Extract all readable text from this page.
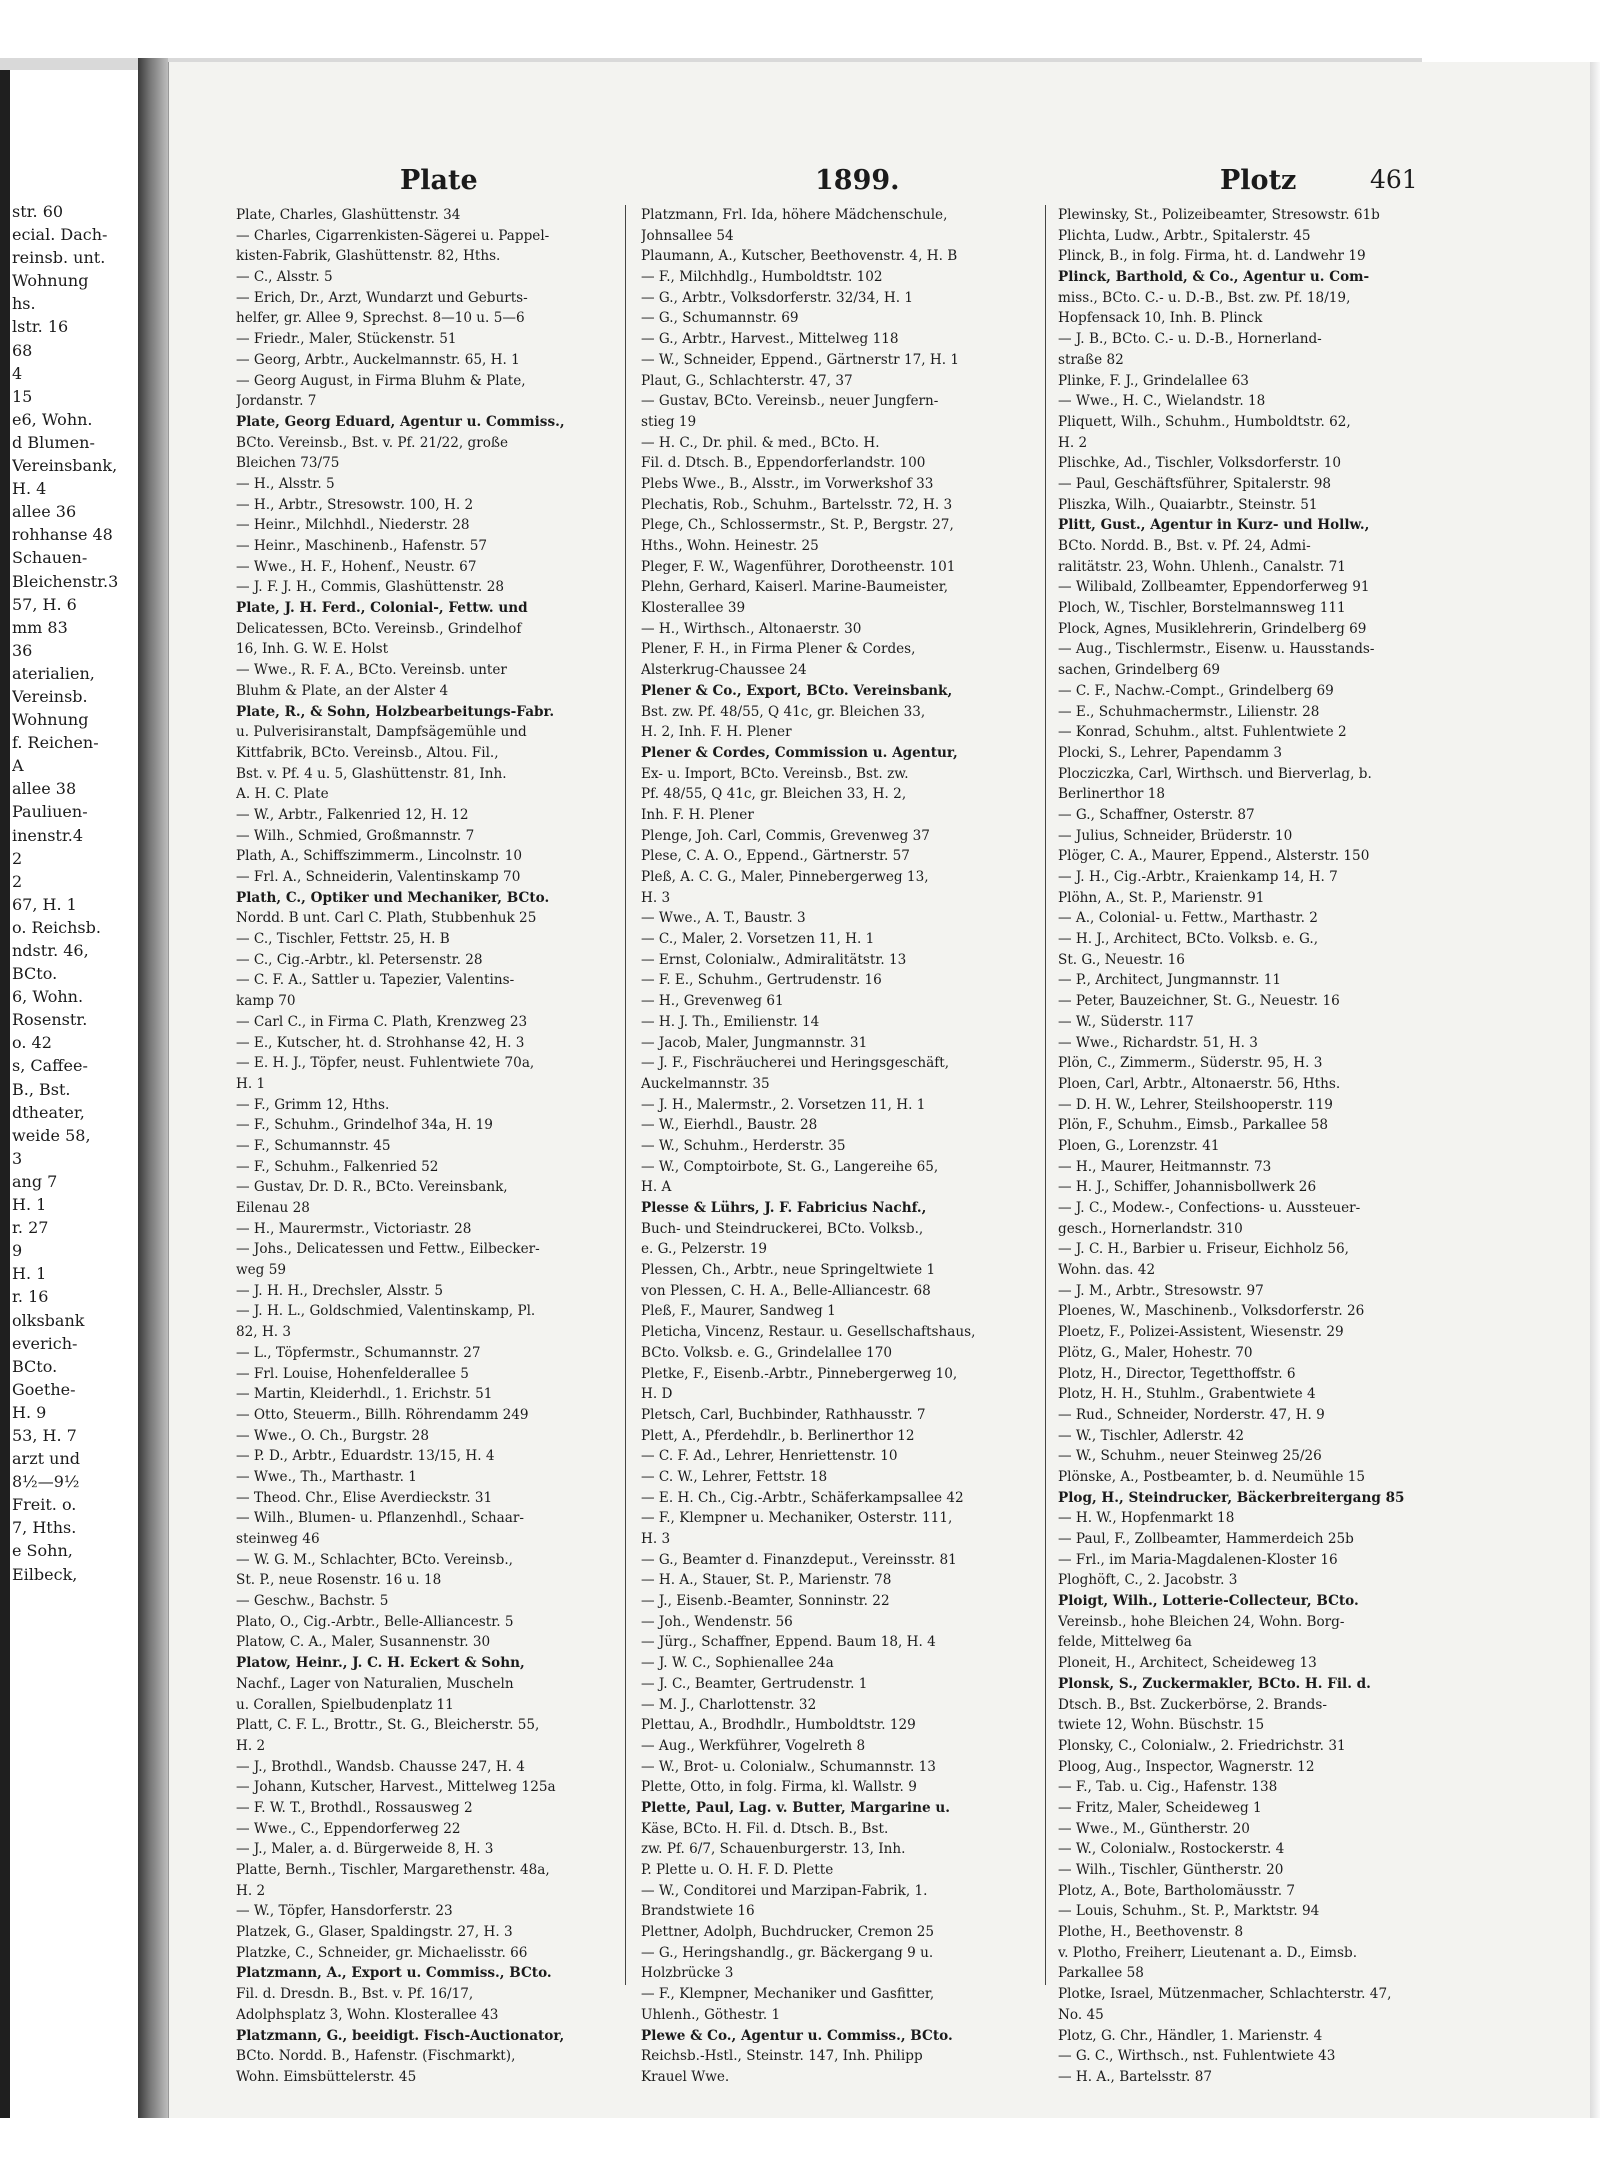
str. 60
ecial. Dach-
reinsb. unt.
Wohnung
hs.
lstr. 16
68
4
15
e6, Wohn.
d Blumen-
Vereinsbank,
H. 4
allee 36
rohhanse 48
Schauen-
Bleichenstr.3
57, H. 6
mm 83
36
aterialien,
Vereinsb.
Wohnung
f. Reichen-
A
allee 38
Pauliuen-
inenstr.4
2
2
67, H. 1
o. Reichsb.
ndstr. 46,
BCto.
6, Wohn.
Rosenstr.
o. 42
s, Caffee-
B., Bst.
dtheater,
weide 58,
3
ang 7
H. 1
r. 27
9
H. 1
r. 16
olksbank
everich-
BCto.
Goethe-
H. 9
53, H. 7
arzt und
8½—9½
Freit. o.
7, Hths.
e Sohn,
Eilbeck,
Plate	1899.	Plotz	461
Plate, Charles, Glashüttenstr. 34
— Charles, Cigarrenkisten-Sägerei u. Pappel-
kisten-Fabrik, Glashüttenstr. 82, Hths.
— C., Alsstr. 5
— Erich, Dr., Arzt, Wundarzt und Geburts-
helfer, gr. Allee 9, Sprechst. 8—10 u. 5—6
— Friedr., Maler, Stückenstr. 51
— Georg, Arbtr., Auckelmannstr. 65, H. 1
— Georg August, in Firma Bluhm & Plate,
Jordanstr. 7
Plate, Georg Eduard, Agentur u. Commiss.,
BCto. Vereinsb., Bst. v. Pf. 21/22, große
Bleichen 73/75
— H., Alsstr. 5
— H., Arbtr., Stresowstr. 100, H. 2
— Heinr., Milchhdl., Niederstr. 28
— Heinr., Maschinenb., Hafenstr. 57
— Wwe., H. F., Hohenf., Neustr. 67
— J. F. J. H., Commis, Glashüttenstr. 28
Plate, J. H. Ferd., Colonial-, Fettw. und
Delicatessen, BCto. Vereinsb., Grindelhof
16, Inh. G. W. E. Holst
— Wwe., R. F. A., BCto. Vereinsb. unter
Bluhm & Plate, an der Alster 4
Plate, R., & Sohn, Holzbearbeitungs-Fabr.
u. Pulverisiranstalt, Dampfsägemühle und
Kittfabrik, BCto. Vereinsb., Altou. Fil.,
Bst. v. Pf. 4 u. 5, Glashüttenstr. 81, Inh.
A. H. C. Plate
— W., Arbtr., Falkenried 12, H. 12
— Wilh., Schmied, Großmannstr. 7
Plath, A., Schiffszimmerm., Lincolnstr. 10
— Frl. A., Schneiderin, Valentinskamp 70
Plath, C., Optiker und Mechaniker, BCto.
Nordd. B unt. Carl C. Plath, Stubbenhuk 25
— C., Tischler, Fettstr. 25, H. B
— C., Cig.-Arbtr., kl. Petersenstr. 28
— C. F. A., Sattler u. Tapezier, Valentins-
kamp 70
— Carl C., in Firma C. Plath, Krenzweg 23
— E., Kutscher, ht. d. Strohhanse 42, H. 3
— E. H. J., Töpfer, neust. Fuhlentwiete 70a,
H. 1
— F., Grimm 12, Hths.
— F., Schuhm., Grindelhof 34a, H. 19
— F., Schumannstr. 45
— F., Schuhm., Falkenried 52
— Gustav, Dr. D. R., BCto. Vereinsbank,
Eilenau 28
— H., Maurermstr., Victoriastr. 28
— Johs., Delicatessen und Fettw., Eilbecker-
weg 59
— J. H. H., Drechsler, Alsstr. 5
— J. H. L., Goldschmied, Valentinskamp, Pl.
82, H. 3
— L., Töpfermstr., Schumannstr. 27
— Frl. Louise, Hohenfelderallee 5
— Martin, Kleiderhdl., 1. Erichstr. 51
— Otto, Steuerm., Billh. Röhrendamm 249
— Wwe., O. Ch., Burgstr. 28
— P. D., Arbtr., Eduardstr. 13/15, H. 4
— Wwe., Th., Marthastr. 1
— Theod. Chr., Elise Averdieckstr. 31
— Wilh., Blumen- u. Pflanzenhdl., Schaar-
steinweg 46
— W. G. M., Schlachter, BCto. Vereinsb.,
St. P., neue Rosenstr. 16 u. 18
— Geschw., Bachstr. 5
Plato, O., Cig.-Arbtr., Belle-Alliancestr. 5
Platow, C. A., Maler, Susannenstr. 30
Platow, Heinr., J. C. H. Eckert & Sohn,
Nachf., Lager von Naturalien, Muscheln
u. Corallen, Spielbudenplatz 11
Platt, C. F. L., Brottr., St. G., Bleicherstr. 55,
H. 2
— J., Brothdl., Wandsb. Chausse 247, H. 4
— Johann, Kutscher, Harvest., Mittelweg 125a
— F. W. T., Brothdl., Rossausweg 2
— Wwe., C., Eppendorferweg 22
— J., Maler, a. d. Bürgerweide 8, H. 3
Platte, Bernh., Tischler, Margarethenstr. 48a,
H. 2
— W., Töpfer, Hansdorferstr. 23
Platzek, G., Glaser, Spaldingstr. 27, H. 3
Platzke, C., Schneider, gr. Michaelisstr. 66
Platzmann, A., Export u. Commiss., BCto.
Fil. d. Dresdn. B., Bst. v. Pf. 16/17,
Adolphsplatz 3, Wohn. Klosterallee 43
Platzmann, G., beeidigt. Fisch-Auctionator,
BCto. Nordd. B., Hafenstr. (Fischmarkt),
Wohn. Eimsbüttelerstr. 45
Platzmann, Frl. Ida, höhere Mädchenschule,
Johnsallee 54
Plaumann, A., Kutscher, Beethovenstr. 4, H. B
— F., Milchhdlg., Humboldtstr. 102
— G., Arbtr., Volksdorferstr. 32/34, H. 1
— G., Schumannstr. 69
— G., Arbtr., Harvest., Mittelweg 118
— W., Schneider, Eppend., Gärtnerstr 17, H. 1
Plaut, G., Schlachterstr. 47, 37
— Gustav, BCto. Vereinsb., neuer Jungfern-
stieg 19
— H. C., Dr. phil. & med., BCto. H.
Fil. d. Dtsch. B., Eppendorferlandstr. 100
Plebs Wwe., B., Alsstr., im Vorwerkshof 33
Plechatis, Rob., Schuhm., Bartelsstr. 72, H. 3
Plege, Ch., Schlossermstr., St. P., Bergstr. 27,
Hths., Wohn. Heinestr. 25
Pleger, F. W., Wagenführer, Dorotheenstr. 101
Plehn, Gerhard, Kaiserl. Marine-Baumeister,
Klosterallee 39
— H., Wirthsch., Altonaerstr. 30
Plener, F. H., in Firma Plener & Cordes,
Alsterkrug-Chaussee 24
Plener & Co., Export, BCto. Vereinsbank,
Bst. zw. Pf. 48/55, Q 41c, gr. Bleichen 33,
H. 2, Inh. F. H. Plener
Plener & Cordes, Commission u. Agentur,
Ex- u. Import, BCto. Vereinsb., Bst. zw.
Pf. 48/55, Q 41c, gr. Bleichen 33, H. 2,
Inh. F. H. Plener
Plenge, Joh. Carl, Commis, Grevenweg 37
Plese, C. A. O., Eppend., Gärtnerstr. 57
Pleß, A. C. G., Maler, Pinnebergerweg 13,
H. 3
— Wwe., A. T., Baustr. 3
— C., Maler, 2. Vorsetzen 11, H. 1
— Ernst, Colonialw., Admiralitätstr. 13
— F. E., Schuhm., Gertrudenstr. 16
— H., Grevenweg 61
— H. J. Th., Emilienstr. 14
— Jacob, Maler, Jungmannstr. 31
— J. F., Fischräucherei und Heringsgeschäft,
Auckelmannstr. 35
— J. H., Malermstr., 2. Vorsetzen 11, H. 1
— W., Eierhdl., Baustr. 28
— W., Schuhm., Herderstr. 35
— W., Comptoirbote, St. G., Langereihe 65,
H. A
Plesse & Lührs, J. F. Fabricius Nachf.,
Buch- und Steindruckerei, BCto. Volksb.,
e. G., Pelzerstr. 19
Plessen, Ch., Arbtr., neue Springeltwiete 1
von Plessen, C. H. A., Belle-Alliancestr. 68
Pleß, F., Maurer, Sandweg 1
Pleticha, Vincenz, Restaur. u. Gesellschaftshaus,
BCto. Volksb. e. G., Grindelallee 170
Pletke, F., Eisenb.-Arbtr., Pinnebergerweg 10,
H. D
Pletsch, Carl, Buchbinder, Rathhausstr. 7
Plett, A., Pferdehdlr., b. Berlinerthor 12
— C. F. Ad., Lehrer, Henriettenstr. 10
— C. W., Lehrer, Fettstr. 18
— E. H. Ch., Cig.-Arbtr., Schäferkampsallee 42
— F., Klempner u. Mechaniker, Osterstr. 111,
H. 3
— G., Beamter d. Finanzdeput., Vereinsstr. 81
— H. A., Stauer, St. P., Marienstr. 78
— J., Eisenb.-Beamter, Sonninstr. 22
— Joh., Wendenstr. 56
— Jürg., Schaffner, Eppend. Baum 18, H. 4
— J. W. C., Sophienallee 24a
— J. C., Beamter, Gertrudenstr. 1
— M. J., Charlottenstr. 32
Plettau, A., Brodhdlr., Humboldtstr. 129
— Aug., Werkführer, Vogelreth 8
— W., Brot- u. Colonialw., Schumannstr. 13
Plette, Otto, in folg. Firma, kl. Wallstr. 9
Plette, Paul, Lag. v. Butter, Margarine u.
Käse, BCto. H. Fil. d. Dtsch. B., Bst.
zw. Pf. 6/7, Schauenburgerstr. 13, Inh.
P. Plette u. O. H. F. D. Plette
— W., Conditorei und Marzipan-Fabrik, 1.
Brandstwiete 16
Plettner, Adolph, Buchdrucker, Cremon 25
— G., Heringshandlg., gr. Bäckergang 9 u.
Holzbrücke 3
— F., Klempner, Mechaniker und Gasfitter,
Uhlenh., Göthestr. 1
Plewe & Co., Agentur u. Commiss., BCto.
Reichsb.-Hstl., Steinstr. 147, Inh. Philipp
Krauel Wwe.
Plewinsky, St., Polizeibeamter, Stresowstr. 61b
Plichta, Ludw., Arbtr., Spitalerstr. 45
Plinck, B., in folg. Firma, ht. d. Landwehr 19
Plinck, Barthold, & Co., Agentur u. Com-
miss., BCto. C.- u. D.-B., Bst. zw. Pf. 18/19,
Hopfensack 10, Inh. B. Plinck
— J. B., BCto. C.- u. D.-B., Hornerland-
straße 82
Plinke, F. J., Grindelallee 63
— Wwe., H. C., Wielandstr. 18
Pliquett, Wilh., Schuhm., Humboldtstr. 62,
H. 2
Plischke, Ad., Tischler, Volksdorferstr. 10
— Paul, Geschäftsführer, Spitalerstr. 98
Pliszka, Wilh., Quaiarbtr., Steinstr. 51
Plitt, Gust., Agentur in Kurz- und Hollw.,
BCto. Nordd. B., Bst. v. Pf. 24, Admi-
ralitätstr. 23, Wohn. Uhlenh., Canalstr. 71
— Wilibald, Zollbeamter, Eppendorferweg 91
Ploch, W., Tischler, Borstelmannsweg 111
Plock, Agnes, Musiklehrerin, Grindelberg 69
— Aug., Tischlermstr., Eisenw. u. Hausstands-
sachen, Grindelberg 69
— C. F., Nachw.-Compt., Grindelberg 69
— E., Schuhmachermstr., Lilienstr. 28
— Konrad, Schuhm., altst. Fuhlentwiete 2
Plocki, S., Lehrer, Papendamm 3
Plocziczka, Carl, Wirthsch. und Bierverlag, b.
Berlinerthor 18
— G., Schaffner, Osterstr. 87
— Julius, Schneider, Brüderstr. 10
Plöger, C. A., Maurer, Eppend., Alsterstr. 150
— J. H., Cig.-Arbtr., Kraienkamp 14, H. 7
Plöhn, A., St. P., Marienstr. 91
— A., Colonial- u. Fettw., Marthastr. 2
— H. J., Architect, BCto. Volksb. e. G.,
St. G., Neuestr. 16
— P., Architect, Jungmannstr. 11
— Peter, Bauzeichner, St. G., Neuestr. 16
— W., Süderstr. 117
— Wwe., Richardstr. 51, H. 3
Plön, C., Zimmerm., Süderstr. 95, H. 3
Ploen, Carl, Arbtr., Altonaerstr. 56, Hths.
— D. H. W., Lehrer, Steilshooperstr. 119
Plön, F., Schuhm., Eimsb., Parkallee 58
Ploen, G., Lorenzstr. 41
— H., Maurer, Heitmannstr. 73
— H. J., Schiffer, Johannisbollwerk 26
— J. C., Modew.-, Confections- u. Aussteuer-
gesch., Hornerlandstr. 310
— J. C. H., Barbier u. Friseur, Eichholz 56,
Wohn. das. 42
— J. M., Arbtr., Stresowstr. 97
Ploenes, W., Maschinenb., Volksdorferstr. 26
Ploetz, F., Polizei-Assistent, Wiesenstr. 29
Plötz, G., Maler, Hohestr. 70
Plotz, H., Director, Tegetthoffstr. 6
Plotz, H. H., Stuhlm., Grabentwiete 4
— Rud., Schneider, Norderstr. 47, H. 9
— W., Tischler, Adlerstr. 42
— W., Schuhm., neuer Steinweg 25/26
Plönske, A., Postbeamter, b. d. Neumühle 15
Plog, H., Steindrucker, Bäckerbreitergang 85
— H. W., Hopfenmarkt 18
— Paul, F., Zollbeamter, Hammerdeich 25b
— Frl., im Maria-Magdalenen-Kloster 16
Ploghöft, C., 2. Jacobstr. 3
Ploigt, Wilh., Lotterie-Collecteur, BCto.
Vereinsb., hohe Bleichen 24, Wohn. Borg-
felde, Mittelweg 6a
Ploneit, H., Architect, Scheideweg 13
Plonsk, S., Zuckermakler, BCto. H. Fil. d.
Dtsch. B., Bst. Zuckerbörse, 2. Brands-
twiete 12, Wohn. Büschstr. 15
Plonsky, C., Colonialw., 2. Friedrichstr. 31
Ploog, Aug., Inspector, Wagnerstr. 12
— F., Tab. u. Cig., Hafenstr. 138
— Fritz, Maler, Scheideweg 1
— Wwe., M., Güntherstr. 20
— W., Colonialw., Rostockerstr. 4
— Wilh., Tischler, Güntherstr. 20
Plotz, A., Bote, Bartholomäusstr. 7
— Louis, Schuhm., St. P., Marktstr. 94
Plothe, H., Beethovenstr. 8
v. Plotho, Freiherr, Lieutenant a. D., Eimsb.
Parkallee 58
Plotke, Israel, Mützenmacher, Schlachterstr. 47,
No. 45
Plotz, G. Chr., Händler, 1. Marienstr. 4
— G. C., Wirthsch., nst. Fuhlentwiete 43
— H. A., Bartelsstr. 87
